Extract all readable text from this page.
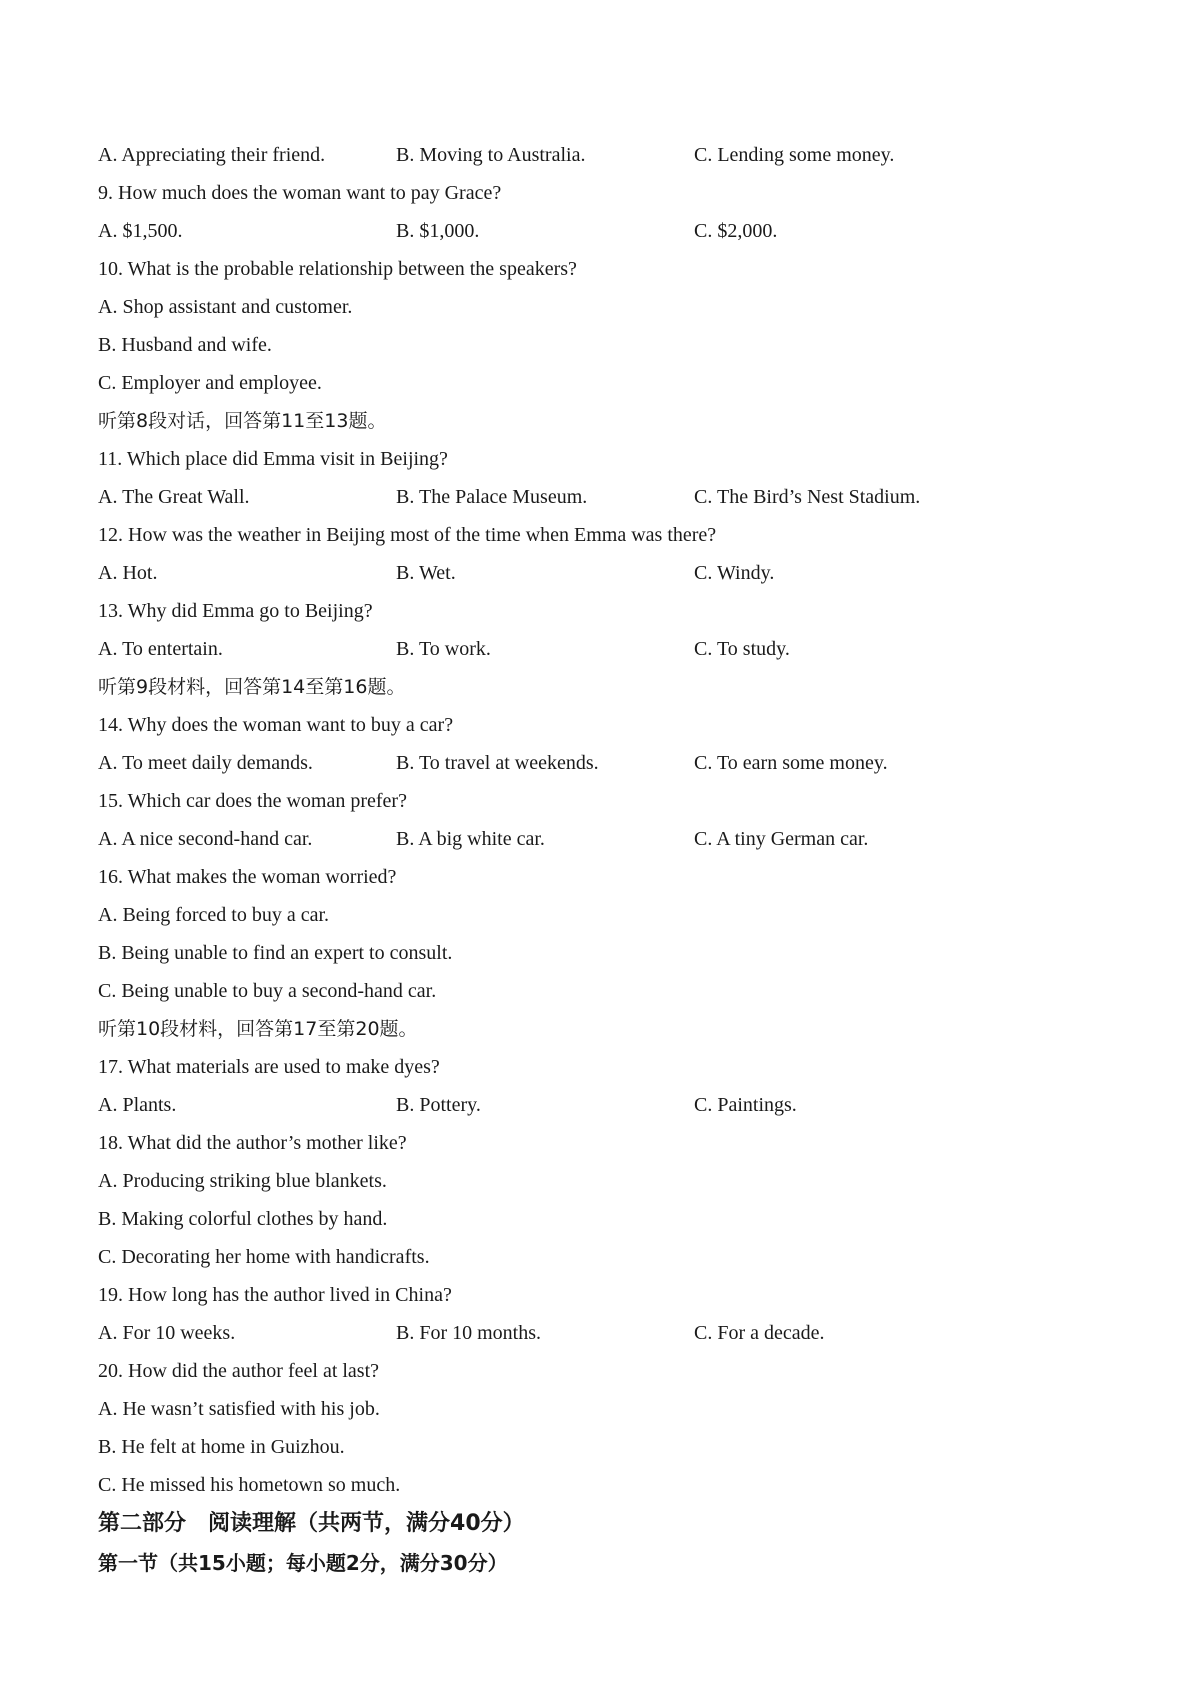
A. Appreciating their friend.	B. Moving to Australia.	C. Lending some money.
9. How much does the woman want to pay Grace?
A. $1,500.	B. $1,000.	C. $2,000.
10. What is the probable relationship between the speakers?
A. Shop assistant and customer.
B. Husband and wife.
C. Employer and employee.
听第8段对话，回答第11至13题。
11. Which place did Emma visit in Beijing?
A. The Great Wall.	B. The Palace Museum.	C. The Bird’s Nest Stadium.
12. How was the weather in Beijing most of the time when Emma was there?
A. Hot.	B. Wet.	C. Windy.
13. Why did Emma go to Beijing?
A. To entertain.	B. To work.	C. To study.
听第9段材料，回答第14至第16题。
14. Why does the woman want to buy a car?
A. To meet daily demands.	B. To travel at weekends.	C. To earn some money.
15. Which car does the woman prefer?
A. A nice second-hand car.	B. A big white car.	C. A tiny German car.
16. What makes the woman worried?
A. Being forced to buy a car.
B. Being unable to find an expert to consult.
C. Being unable to buy a second-hand car.
听第10段材料，回答第17至第20题。
17. What materials are used to make dyes?
A. Plants.	B. Pottery.	C. Paintings.
18. What did the author’s mother like?
A. Producing striking blue blankets.
B. Making colorful clothes by hand.
C. Decorating her home with handicrafts.
19. How long has the author lived in China?
A. For 10 weeks.	B. For 10 months.	C. For a decade.
20. How did the author feel at last?
A. He wasn’t satisfied with his job.
B. He felt at home in Guizhou.
C. He missed his hometown so much.
第二部分 阅读理解（共两节，满分40分）
第一节（共15小题；每小题2分，满分30分）
